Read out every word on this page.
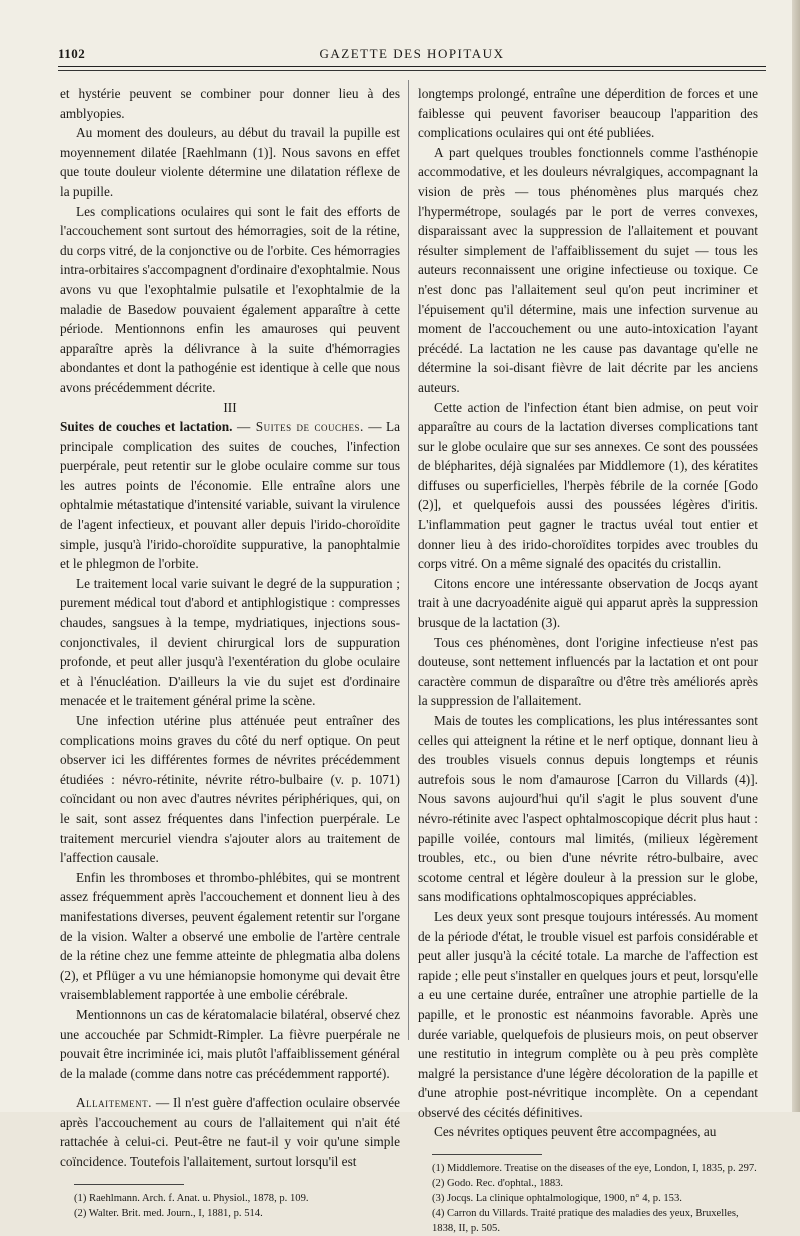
1102	GAZETTE DES HOPITAUX

et hystérie peuvent se combiner pour donner lieu à des amblyopies.

Au moment des douleurs, au début du travail la pupille est moyennement dilatée [Raehlmann (1)]. Nous savons en effet que toute douleur violente détermine une dilatation réflexe de la pupille.

Les complications oculaires qui sont le fait des efforts de l'accouchement sont surtout des hémorragies, soit de la rétine, du corps vitré, de la conjonctive ou de l'orbite. Ces hémorragies intra-orbitaires s'accompagnent d'ordinaire d'exophtalmie. Nous avons vu que l'exophtalmie pulsatile et l'exophtalmie de la maladie de Basedow pouvaient également apparaître à cette période. Mentionnons enfin les amauroses qui peuvent apparaître après la délivrance à la suite d'hémorragies abondantes et dont la pathogénie est identique à celle que nous avons précédemment décrite.

III

Suites de couches et lactation. — Suites de couches. — La principale complication des suites de couches, l'infection puerpérale, peut retentir sur le globe oculaire comme sur tous les autres points de l'économie. Elle entraîne alors une ophtalmie métastatique d'intensité variable, suivant la virulence de l'agent infectieux, et pouvant aller depuis l'irido-choroïdite simple, jusqu'à l'irido-choroïdite suppurative, la panophtalmie et le phlegmon de l'orbite.

Le traitement local varie suivant le degré de la suppuration ; purement médical tout d'abord et antiphlogistique : compresses chaudes, sangsues à la tempe, mydriatiques, injections sous-conjonctivales, il devient chirurgical lors de suppuration profonde, et peut aller jusqu'à l'exentération du globe oculaire et à l'énucléation. D'ailleurs la vie du sujet est d'ordinaire menacée et le traitement général prime la scène.

Une infection utérine plus atténuée peut entraîner des complications moins graves du côté du nerf optique. On peut observer ici les différentes formes de névrites précédemment étudiées : névro-rétinite, névrite rétro-bulbaire (v. p. 1071) coïncidant ou non avec d'autres névrites périphériques, qui, on le sait, sont assez fréquentes dans l'infection puerpérale. Le traitement mercuriel viendra s'ajouter alors au traitement de l'affection causale.

Enfin les thromboses et thrombo-phlébites, qui se montrent assez fréquemment après l'accouchement et donnent lieu à des manifestations diverses, peuvent également retentir sur l'organe de la vision. Walter a observé une embolie de l'artère centrale de la rétine chez une femme atteinte de phlegmatia alba dolens (2), et Pflüger a vu une hémianopsie homonyme qui devait être vraisemblablement rapportée à une embolie cérébrale.

Mentionnons un cas de kératomalacie bilatéral, observé chez une accouchée par Schmidt-Rimpler. La fièvre puerpérale ne pouvait être incriminée ici, mais plutôt l'affaiblissement général de la malade (comme dans notre cas précédemment rapporté).

Allaitement. — Il n'est guère d'affection oculaire observée après l'accouchement au cours de l'allaitement qui n'ait été rattachée à celui-ci. Peut-être ne faut-il y voir qu'une simple coïncidence. Toutefois l'allaitement, surtout lorsqu'il est

(1) Raehlmann. Arch. f. Anat. u. Physiol., 1878, p. 109.
(2) Walter. Brit. med. Journ., I, 1881, p. 514.

longtemps prolongé, entraîne une déperdition de forces et une faiblesse qui peuvent favoriser beaucoup l'apparition des complications oculaires qui ont été publiées.

A part quelques troubles fonctionnels comme l'asthénopie accommodative, et les douleurs névralgiques, accompagnant la vision de près — tous phénomènes plus marqués chez l'hypermétrope, soulagés par le port de verres convexes, disparaissant avec la suppression de l'allaitement et pouvant résulter simplement de l'affaiblissement du sujet — tous les auteurs reconnaissent une origine infectieuse ou toxique. Ce n'est donc pas l'allaitement seul qu'on peut incriminer et l'épuisement qu'il détermine, mais une infection survenue au moment de l'accouchement ou une auto-intoxication l'ayant précédé. La lactation ne les cause pas davantage qu'elle ne détermine la soi-disant fièvre de lait décrite par les anciens auteurs.

Cette action de l'infection étant bien admise, on peut voir apparaître au cours de la lactation diverses complications tant sur le globe oculaire que sur ses annexes. Ce sont des poussées de blépharites, déjà signalées par Middlemore (1), des kératites diffuses ou superficielles, l'herpès fébrile de la cornée [Godo (2)], et quelquefois aussi des poussées légères d'iritis. L'inflammation peut gagner le tractus uvéal tout entier et donner lieu à des irido-choroïdites torpides avec troubles du corps vitré. On a même signalé des opacités du cristallin.

Citons encore une intéressante observation de Jocqs ayant trait à une dacryoadénite aiguë qui apparut après la suppression brusque de la lactation (3).

Tous ces phénomènes, dont l'origine infectieuse n'est pas douteuse, sont nettement influencés par la lactation et ont pour caractère commun de disparaître ou d'être très améliorés après la suppression de l'allaitement.

Mais de toutes les complications, les plus intéressantes sont celles qui atteignent la rétine et le nerf optique, donnant lieu à des troubles visuels connus depuis longtemps et réunis autrefois sous le nom d'amaurose [Carron du Villards (4)]. Nous savons aujourd'hui qu'il s'agit le plus souvent d'une névro-rétinite avec l'aspect ophtalmoscopique décrit plus haut : papille voilée, contours mal limités, (milieux légèrement troubles, etc., ou bien d'une névrite rétro-bulbaire, avec scotome central et légère douleur à la pression sur le globe, sans modifications ophtalmoscopiques appréciables.

Les deux yeux sont presque toujours intéressés. Au moment de la période d'état, le trouble visuel est parfois considérable et peut aller jusqu'à la cécité totale. La marche de l'affection est rapide ; elle peut s'installer en quelques jours et peut, lorsqu'elle a eu une certaine durée, entraîner une atrophie partielle de la papille, et le pronostic est néanmoins favorable. Après une durée variable, quelquefois de plusieurs mois, on peut observer une restitutio in integrum complète ou à peu près complète malgré la persistance d'une légère décoloration de la papille et d'une atrophie post-névritique incomplète. On a cependant observé des cécités définitives.

Ces névrites optiques peuvent être accompagnées, au

(1) Middlemore. Treatise on the diseases of the eye, London, I, 1835, p. 297.
(2) Godo. Rec. d'ophtal., 1883.
(3) Jocqs. La clinique ophtalmologique, 1900, n° 4, p. 153.
(4) Carron du Villards. Traité pratique des maladies des yeux, Bruxelles, 1838, II, p. 505.
